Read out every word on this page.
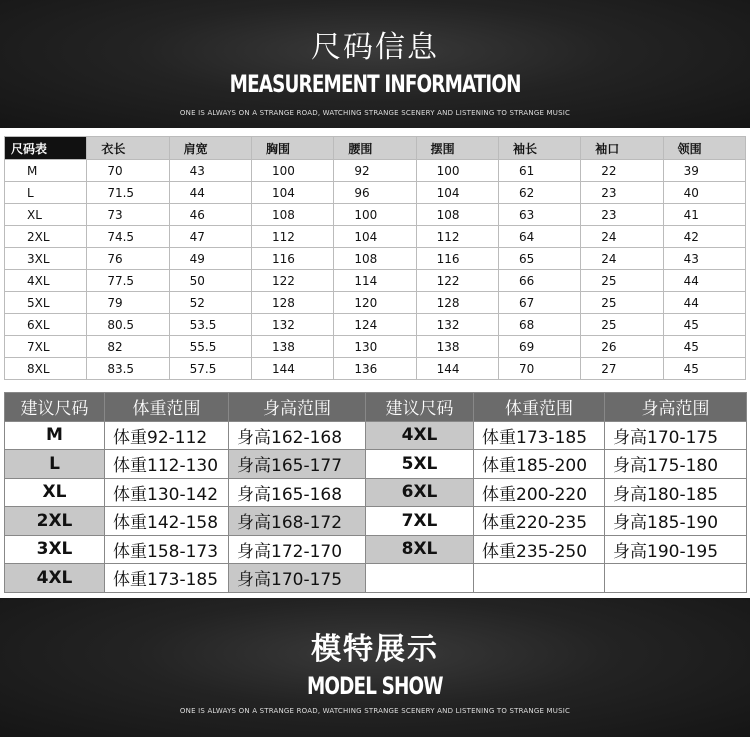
尺码信息
MEASUREMENT INFORMATION
ONE IS ALWAYS ON A STRANGE ROAD, WATCHING STRANGE SCENERY AND LISTENING TO STRANGE MUSIC
尺码表	衣长	肩宽	胸围	腰围	摆围	袖长	袖口	领围
M	70	43	100	92	100	61	22	39
L	71.5	44	104	96	104	62	23	40
XL	73	46	108	100	108	63	23	41
2XL	74.5	47	112	104	112	64	24	42
3XL	76	49	116	108	116	65	24	43
4XL	77.5	50	122	114	122	66	25	44
5XL	79	52	128	120	128	67	25	44
6XL	80.5	53.5	132	124	132	68	25	45
7XL	82	55.5	138	130	138	69	26	45
8XL	83.5	57.5	144	136	144	70	27	45
建议尺码	体重范围	身高范围	建议尺码	体重范围	身高范围
M	体重92-112	身高162-168	4XL	体重173-185	身高170-175
L	体重112-130	身高165-177	5XL	体重185-200	身高175-180
XL	体重130-142	身高165-168	6XL	体重200-220	身高180-185
2XL	体重142-158	身高168-172	7XL	体重220-235	身高185-190
3XL	体重158-173	身高172-170	8XL	体重235-250	身高190-195
4XL	体重173-185	身高170-175			
模特展示
MODEL SHOW
ONE IS ALWAYS ON A STRANGE ROAD, WATCHING STRANGE SCENERY AND LISTENING TO STRANGE MUSIC
